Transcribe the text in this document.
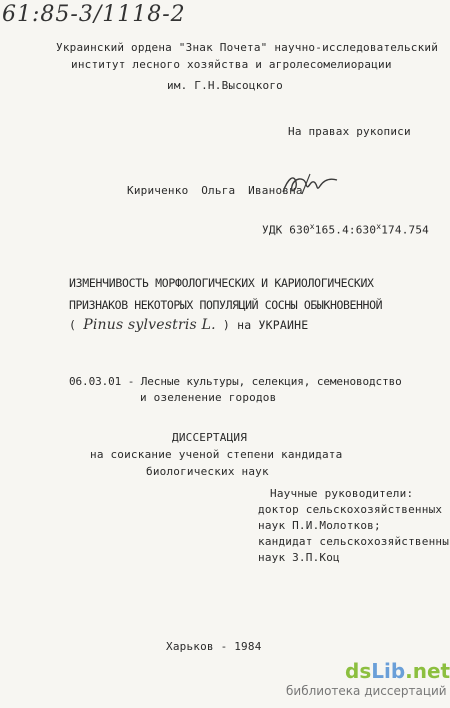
61:85-3/1118-2
Украинский ордена "Знак Почета" научно-исследовательский
институт лесного хозяйства и агролесомелиорации
им. Г.Н.Высоцкого
На правах рукописи
Кириченко Ольга Ивановна
УДК 630$^x$165.4:630$^x$174.754
ИЗМЕНЧИВОСТЬ МОРФОЛОГИЧЕСКИХ И КАРИОЛОГИЧЕСКИХ
ПРИЗНАКОВ НЕКОТОРЫХ ПОПУЛЯЦИЙ СОСНЫ ОБЫКНОВЕННОЙ
( Pinus sylvestris L. ) на УКРАИНЕ
06.03.01 - Лесные культуры, селекция, семеноводство
и озеленение городов
ДИССЕРТАЦИЯ
на соискание ученой степени кандидата
биологических наук
Научные руководители:
доктор сельскохозяйственных
наук П.И.Молотков;
кандидат сельскохозяйственны
наук З.П.Коц
Харьков - 1984
dsLib.net
библиотека диссертаций
